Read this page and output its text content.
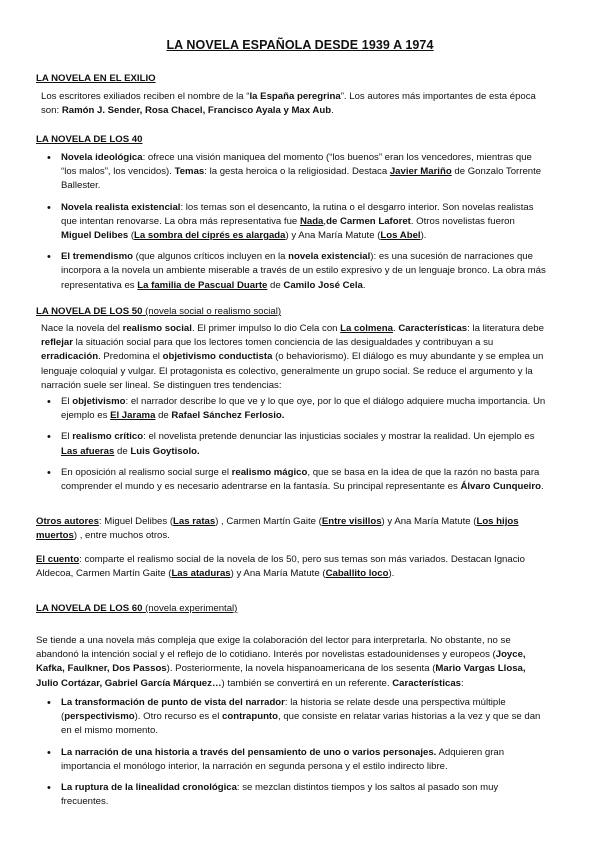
LA NOVELA ESPAÑOLA DESDE 1939 A 1974
LA NOVELA EN EL EXILIO
Los escritores exiliados reciben el nombre de la “la España peregrina”. Los autores más importantes de esta época son: Ramón J. Sender, Rosa Chacel, Francisco Ayala y Max Aub.
LA NOVELA DE LOS 40
• Novela ideológica: ofrece una visión maniquea del momento (“los buenos” eran los vencedores, mientras que “los malos”, los vencidos). Temas: la gesta heroica o la religiosidad. Destaca Javier Mariño de Gonzalo Torrente Ballester.
• Novela realista existencial: los temas son el desencanto, la rutina o el desgarro interior. Son novelas realistas que intentan renovarse. La obra más representativa fue Nada,de Carmen Laforet. Otros novelistas fueron Miguel Delibes (La sombra del ciprés es alargada) y Ana María Matute (Los Abel).
• El tremendismo (que algunos críticos incluyen en la novela existencial): es una sucesión de narraciones que incorpora a la novela un ambiente miserable a través de un estilo expresivo y de un lenguaje bronco. La obra más representativa es La familia de Pascual Duarte de Camilo José Cela.
LA NOVELA DE LOS 50 (novela social o realismo social)
Nace la novela del realismo social. El primer impulso lo dio Cela con La colmena. Características: la literatura debe reflejar la situación social para que los lectores tomen conciencia de las desigualdades y contribuyan a su erradicación. Predomina el objetivismo conductista (o behaviorismo). El diálogo es muy abundante y se emplea un lenguaje coloquial y vulgar. El protagonista es colectivo, generalmente un grupo social. Se reduce el argumento y la narración suele ser lineal. Se distinguen tres tendencias:
• El objetivismo: el narrador describe lo que ve y lo que oye, por lo que el diálogo adquiere mucha importancia. Un ejemplo es El Jarama de Rafael Sánchez Ferlosio.
• El realismo crítico: el novelista pretende denunciar las injusticias sociales y mostrar la realidad. Un ejemplo es Las afueras de Luis Goytisolo.
• En oposición al realismo social surge el realismo mágico, que se basa en la idea de que la razón no basta para comprender el mundo y es necesario adentrarse en la fantasía. Su principal representante es Álvaro Cunqueiro.
Otros autores: Miguel Delibes (Las ratas) , Carmen Martín Gaite (Entre visillos) y Ana María Matute (Los hijos muertos) , entre muchos otros.
El cuento: comparte el realismo social de la novela de los 50, pero sus temas son más variados. Destacan Ignacio Aldecoa, Carmen Martín Gaite (Las ataduras) y Ana María Matute (Caballito loco).
LA NOVELA DE LOS 60 (novela experimental)
Se tiende a una novela más compleja que exige la colaboración del lector para interpretarla. No obstante, no se abandonó la intención social y el reflejo de lo cotidiano. Interés por novelistas estadounidenses y europeos (Joyce, Kafka, Faulkner, Dos Passos). Posteriormente, la novela hispanoamericana de los sesenta (Mario Vargas Llosa, Julio Cortázar, Gabriel García Márquez…) también se convertirá en un referente. Características:
• La transformación de punto de vista del narrador: la historia se relate desde una perspectiva múltiple (perspectivismo). Otro recurso es el contrapunto, que consiste en relatar varias historias a la vez y que se dan en el mismo momento.
• La narración de una historia a través del pensamiento de uno o varios personajes. Adquieren gran importancia el monólogo interior, la narración en segunda persona y el estilo indirecto libre.
• La ruptura de la linealidad cronológica: se mezclan distintos tiempos y los saltos al pasado son muy frecuentes.
